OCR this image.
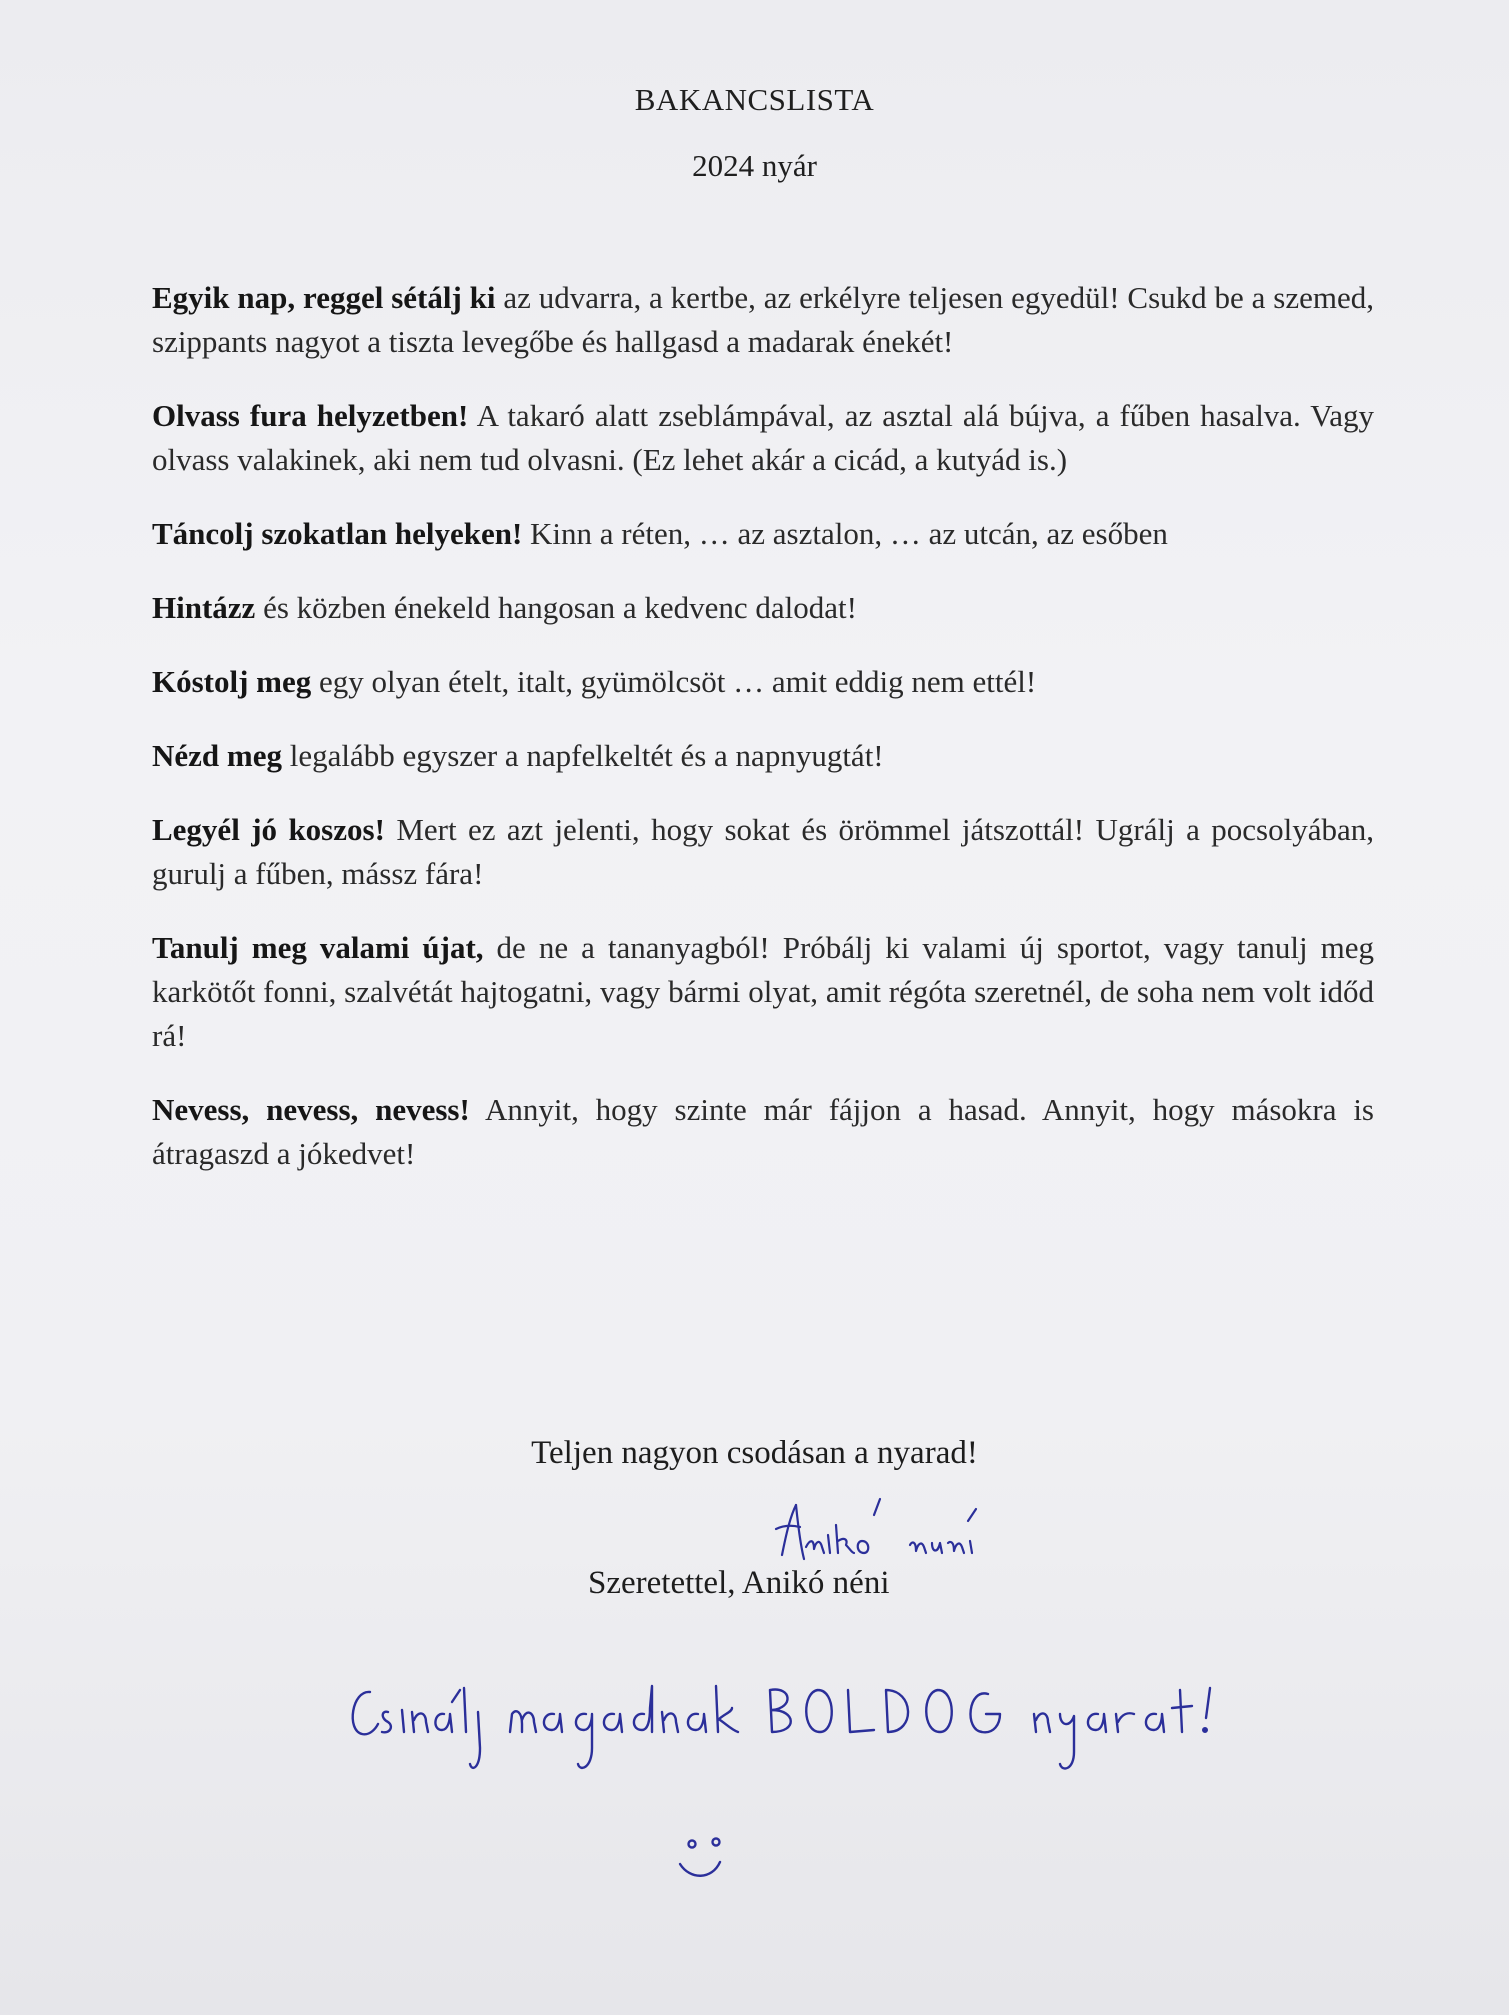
BAKANCSLISTA
2024 nyár

Egyik nap, reggel sétálj ki az udvarra, a kertbe, az erkélyre teljesen egyedül! Csukd be a szemed, szippants nagyot a tiszta levegőbe és hallgasd a madarak énekét!

Olvass fura helyzetben! A takaró alatt zseblámpával, az asztal alá bújva, a fűben hasalva. Vagy olvass valakinek, aki nem tud olvasni. (Ez lehet akár a cicád, a kutyád is.)

Táncolj szokatlan helyeken! Kinn a réten, … az asztalon, … az utcán, az esőben

Hintázz és közben énekeld hangosan a kedvenc dalodat!

Kóstolj meg egy olyan ételt, italt, gyümölcsöt … amit eddig nem ettél!

Nézd meg legalább egyszer a napfelkeltét és a napnyugtát!

Legyél jó koszos! Mert ez azt jelenti, hogy sokat és örömmel játszottál! Ugrálj a pocsolyában, gurulj a fűben, mássz fára!

Tanulj meg valami újat, de ne a tananyagból! Próbálj ki valami új sportot, vagy tanulj meg karkötőt fonni, szalvétát hajtogatni, vagy bármi olyat, amit régóta szeretnél, de soha nem volt időd rá!

Nevess, nevess, nevess! Annyit, hogy szinte már fájjon a hasad. Annyit, hogy másokra is átragaszd a jókedvet!

Teljen nagyon csodásan a nyarad!
Szeretettel, Anikó néni
